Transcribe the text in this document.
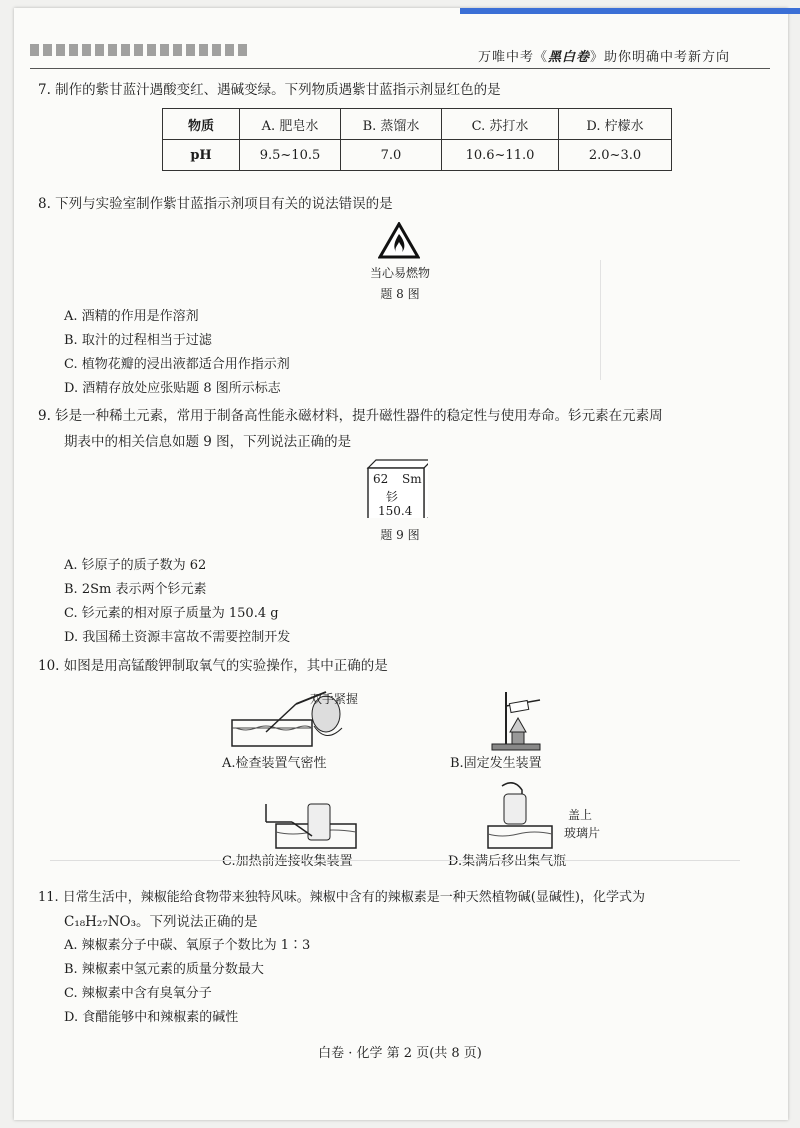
万唯中考《黑白卷》助你明确中考新方向
7. 制作的紫甘蓝汁遇酸变红、遇碱变绿。下列物质遇紫甘蓝指示剂显红色的是
物质	A. 肥皂水	B. 蒸馏水	C. 苏打水	D. 柠檬水
pH	9.5~10.5	7.0	10.6~11.0	2.0~3.0
8. 下列与实验室制作紫甘蓝指示剂项目有关的说法错误的是
当心易燃物
题 8 图
A. 酒精的作用是作溶剂
B. 取汁的过程相当于过滤
C. 植物花瓣的浸出液都适合用作指示剂
D. 酒精存放处应张贴题 8 图所示标志
9. 钐是一种稀土元素，常用于制备高性能永磁材料，提升磁性器件的稳定性与使用寿命。钐元素在元素周
期表中的相关信息如题 9 图，下列说法正确的是
62 Sm
钐
150.4
题 9 图
A. 钐原子的质子数为 62
B. 2Sm 表示两个钐元素
C. 钐元素的相对原子质量为 150.4 g
D. 我国稀土资源丰富故不需要控制开发
10. 如图是用高锰酸钾制取氧气的实验操作，其中正确的是
双手紧握
A.检查装置气密性	B.固定发生装置
C.加热前连接收集装置
盖上
玻璃片
D.集满后移出集气瓶
11. 日常生活中，辣椒能给食物带来独特风味。辣椒中含有的辣椒素是一种天然植物碱(显碱性)，化学式为
C₁₈H₂₇NO₃。下列说法正确的是
A. 辣椒素分子中碳、氧原子个数比为 1∶3
B. 辣椒素中氢元素的质量分数最大
C. 辣椒素中含有臭氧分子
D. 食醋能够中和辣椒素的碱性
白卷 · 化学 第 2 页(共 8 页)
